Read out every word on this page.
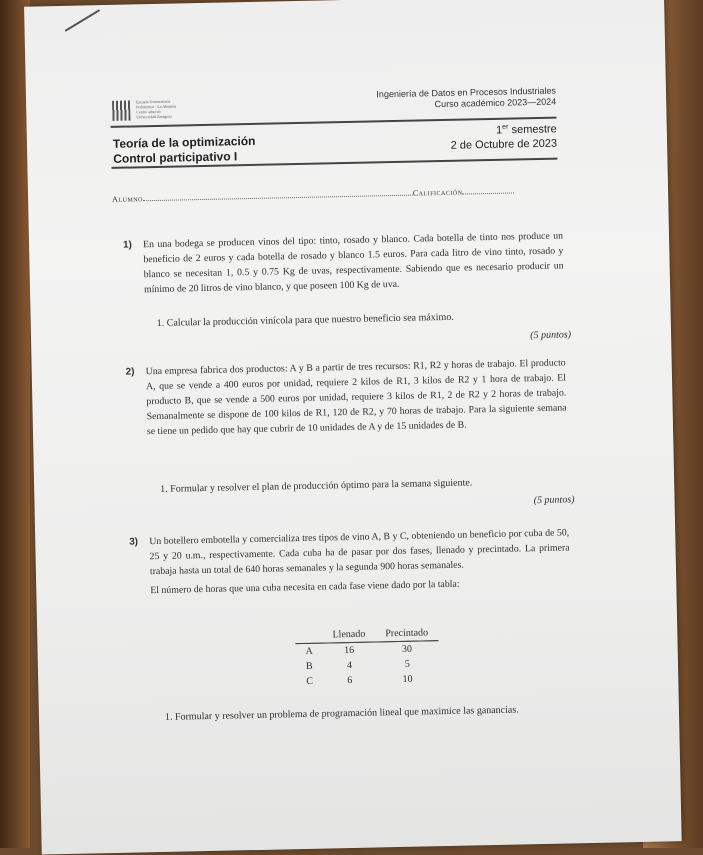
Escuela Universitaria
Politécnica · La Almunia
Centro adscrito
Universidad Zaragoza
Ingeniería de Datos en Procesos Industriales
Curso académico 2023—2024
Teoría de la optimización
Control participativo I
1er semestre
2 de Octubre de 2023
AlumnoCalificación
1) En una bodega se producen vinos del tipo: tinto, rosado y blanco. Cada botella de tinto nos produce un beneficio de 2 euros y cada botella de rosado y blanco 1.5 euros. Para cada litro de vino tinto, rosado y blanco se necesitan 1, 0.5 y 0.75 Kg de uvas, respectivamente. Sabiendo que es necesario producir un mínimo de 20 litros de vino blanco, y que poseen 100 Kg de uva.
1. Calcular la producción vinícola para que nuestro beneficio sea máximo.
(5 puntos)
2) Una empresa fabrica dos productos: A y B a partir de tres recursos: R1, R2 y horas de trabajo. El producto A, que se vende a 400 euros por unidad, requiere 2 kilos de R1, 3 kilos de R2 y 1 hora de trabajo. El producto B, que se vende a 500 euros por unidad, requiere 3 kilos de R1, 2 de R2 y 2 horas de trabajo. Semanalmente se dispone de 100 kilos de R1, 120 de R2, y 70 horas de trabajo. Para la siguiente semana se tiene un pedido que hay que cubrir de 10 unidades de A y de 15 unidades de B.
1. Formular y resolver el plan de producción óptimo para la semana siguiente.
(5 puntos)
3) Un botellero embotella y comercializa tres tipos de vino A, B y C, obteniendo un beneficio por cuba de 50, 25 y 20 u.m., respectivamente. Cada cuba ha de pasar por dos fases, llenado y precintado. La primera trabaja hasta un total de 640 horas semanales y la segunda 900 horas semanales.
El número de horas que una cuba necesita en cada fase viene dado por la tabla:
	Llenado	Precintado
A	16	30
B	4	5
C	6	10
1. Formular y resolver un problema de programación lineal que maximice las ganancias.
